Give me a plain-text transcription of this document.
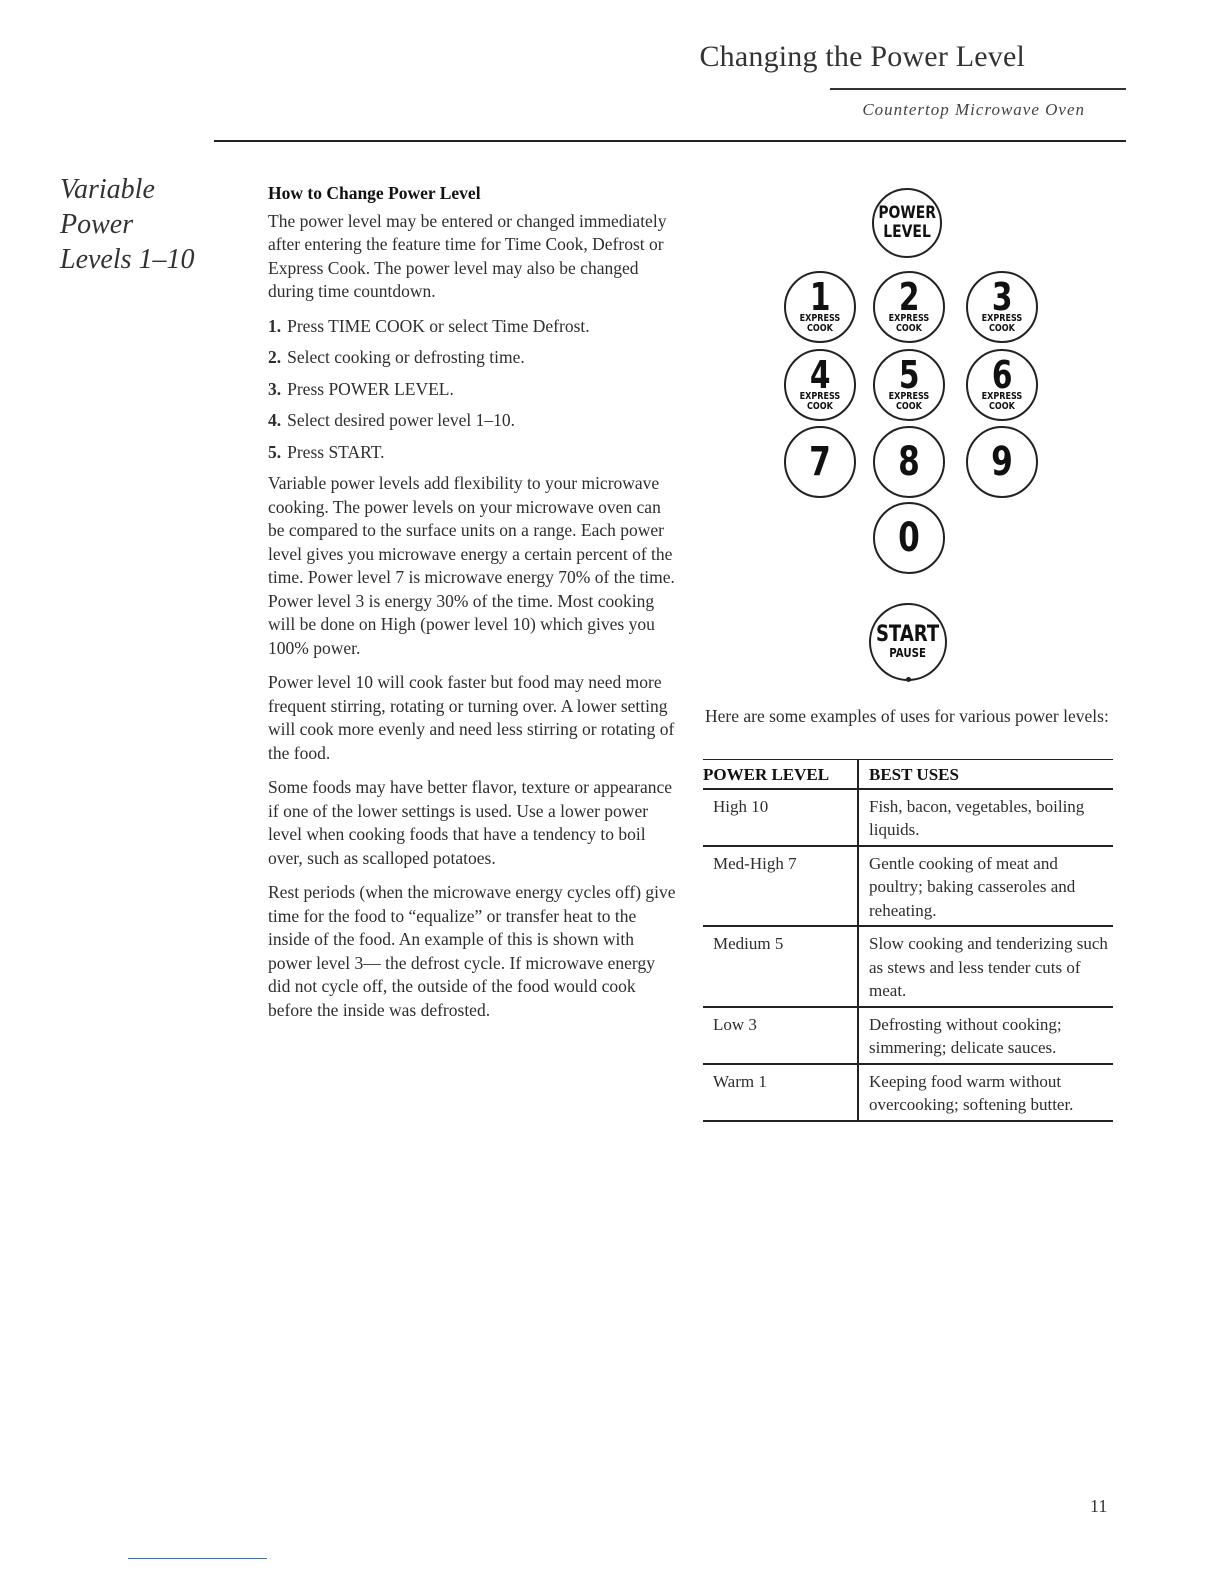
Changing the Power Level
Countertop Microwave Oven
Variable
Power
Levels 1–10
How to Change Power Level

The power level may be entered or changed immediately after entering the feature time for Time Cook, Defrost or Express Cook. The power level may also be changed during time countdown.

1. Press TIME COOK or select Time Defrost.
2. Select cooking or defrosting time.
3. Press POWER LEVEL.
4. Select desired power level 1–10.
5. Press START.

Variable power levels add flexibility to your microwave cooking. The power levels on your microwave oven can be compared to the surface units on a range. Each power level gives you microwave energy a certain percent of the time. Power level 7 is microwave energy 70% of the time. Power level 3 is energy 30% of the time. Most cooking will be done on High (power level 10) which gives you 100% power.

Power level 10 will cook faster but food may need more frequent stirring, rotating or turning over. A lower setting will cook more evenly and need less stirring or rotating of the food.

Some foods may have better flavor, texture or appearance if one of the lower settings is used. Use a lower power level when cooking foods that have a tendency to boil over, such as scalloped potatoes.

Rest periods (when the microwave energy cycles off) give time for the food to “equalize” or transfer heat to the inside of the food. An example of this is shown with power level 3— the defrost cycle. If microwave energy did not cycle off, the outside of the food would cook before the inside was defrosted.

POWER
LEVEL
1
EXPRESS
COOK
2
EXPRESS
COOK
3
EXPRESS
COOK
4
EXPRESS
COOK
5
EXPRESS
COOK
6
EXPRESS
COOK
7 8 9
0
START
PAUSE
Here are some examples of uses for various power levels:
POWER LEVEL	BEST USES
High 10	Fish, bacon, vegetables, boiling liquids.
Med-High 7	Gentle cooking of meat and poultry; baking casseroles and reheating.
Medium 5	Slow cooking and tenderizing such as stews and less tender cuts of meat.
Low 3	Defrosting without cooking; simmering; delicate sauces.
Warm 1	Keeping food warm without overcooking; softening butter.
11
